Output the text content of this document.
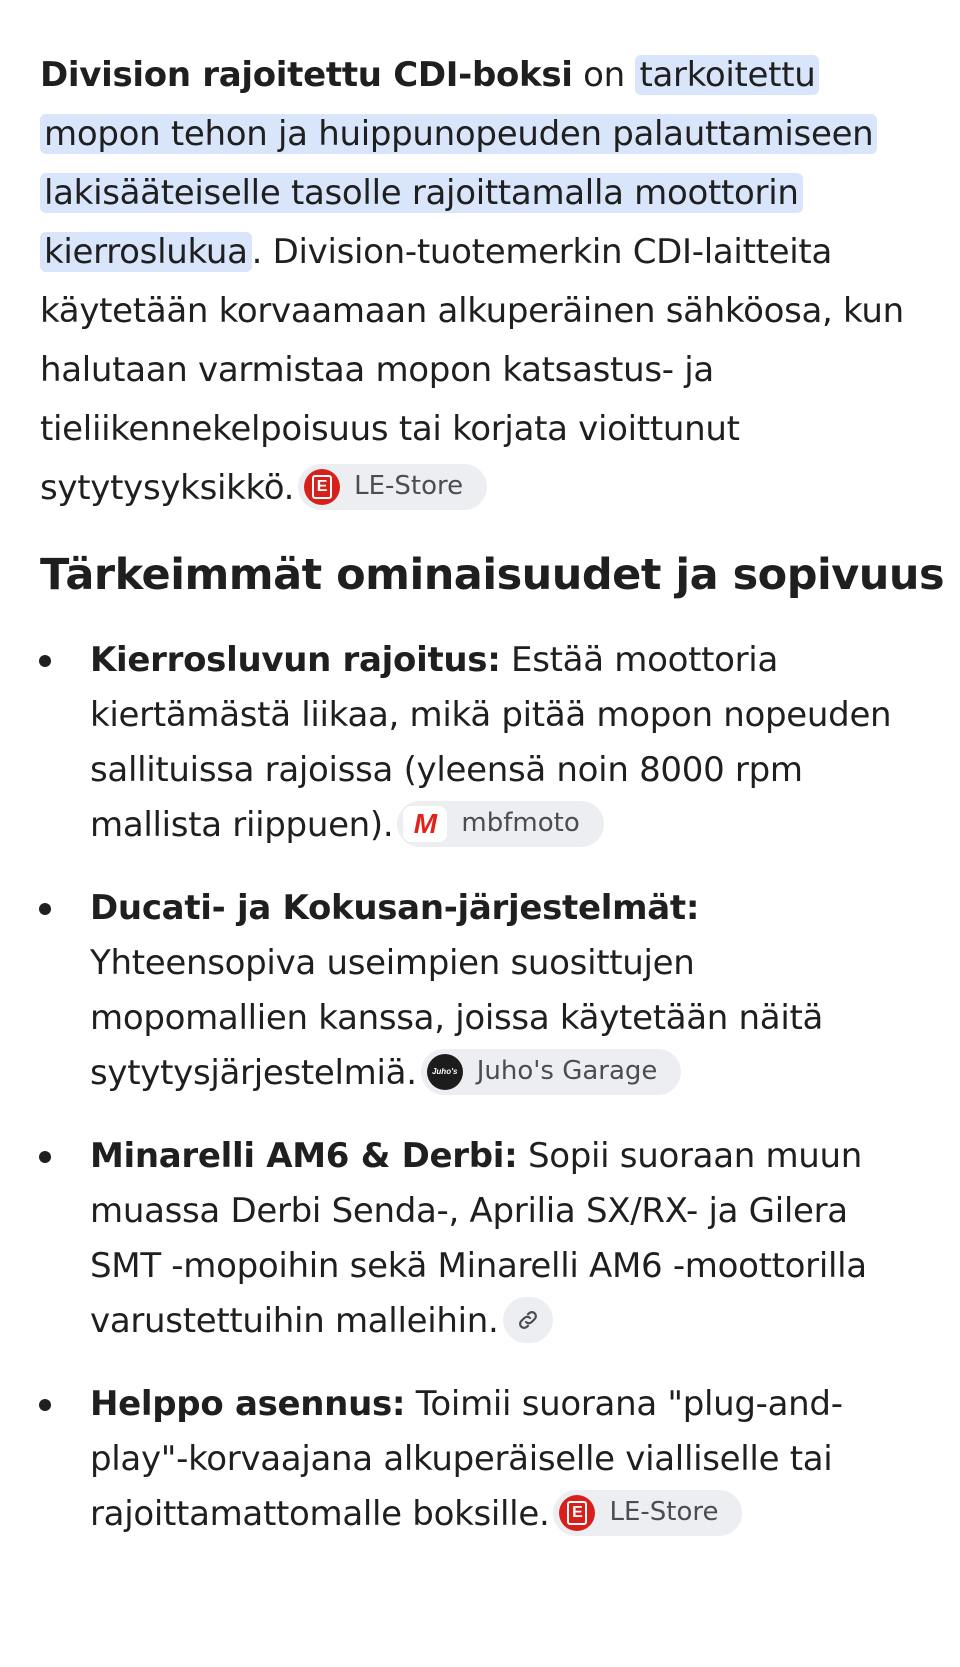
Division rajoitettu CDI-boksi on tarkoitettu mopon tehon ja huippunopeuden palauttamiseen lakisääteiselle tasolle rajoittamalla moottorin kierroslukua . Division-tuotemerkin CDI-laitteita käytetään korvaamaan alkuperäinen sähköosa, kun halutaan varmistaa mopon katsastus- ja tieliikennekelpoisuus tai korjata vioittunut sytytysyksikkö. E LE-Store

Tärkeimmät ominaisuudet ja sopivuus
Kierrosluvun rajoitus: Estää moottoria kiertämästä liikaa, mikä pitää mopon nopeuden sallituissa rajoissa (yleensä noin 8000 rpm mallista riippuen). M mbfmoto
Ducati- ja Kokusan-järjestelmät: Yhteensopiva useimpien suosittujen mopomallien kanssa, joissa käytetään näitä sytytysjärjestelmiä.	Juho's Juho's Garage
Minarelli AM6 & Derbi: Sopii suoraan muun muassa Derbi Senda-, Aprilia SX/RX- ja Gilera SMT -mopoihin sekä Minarelli AM6 -moottorilla varustettuihin malleihin.
Helppo asennus: Toimii suorana "plug-and-play"-korvaajana alkuperäiselle vialliselle tai rajoittamattomalle boksille. E LE-Store
